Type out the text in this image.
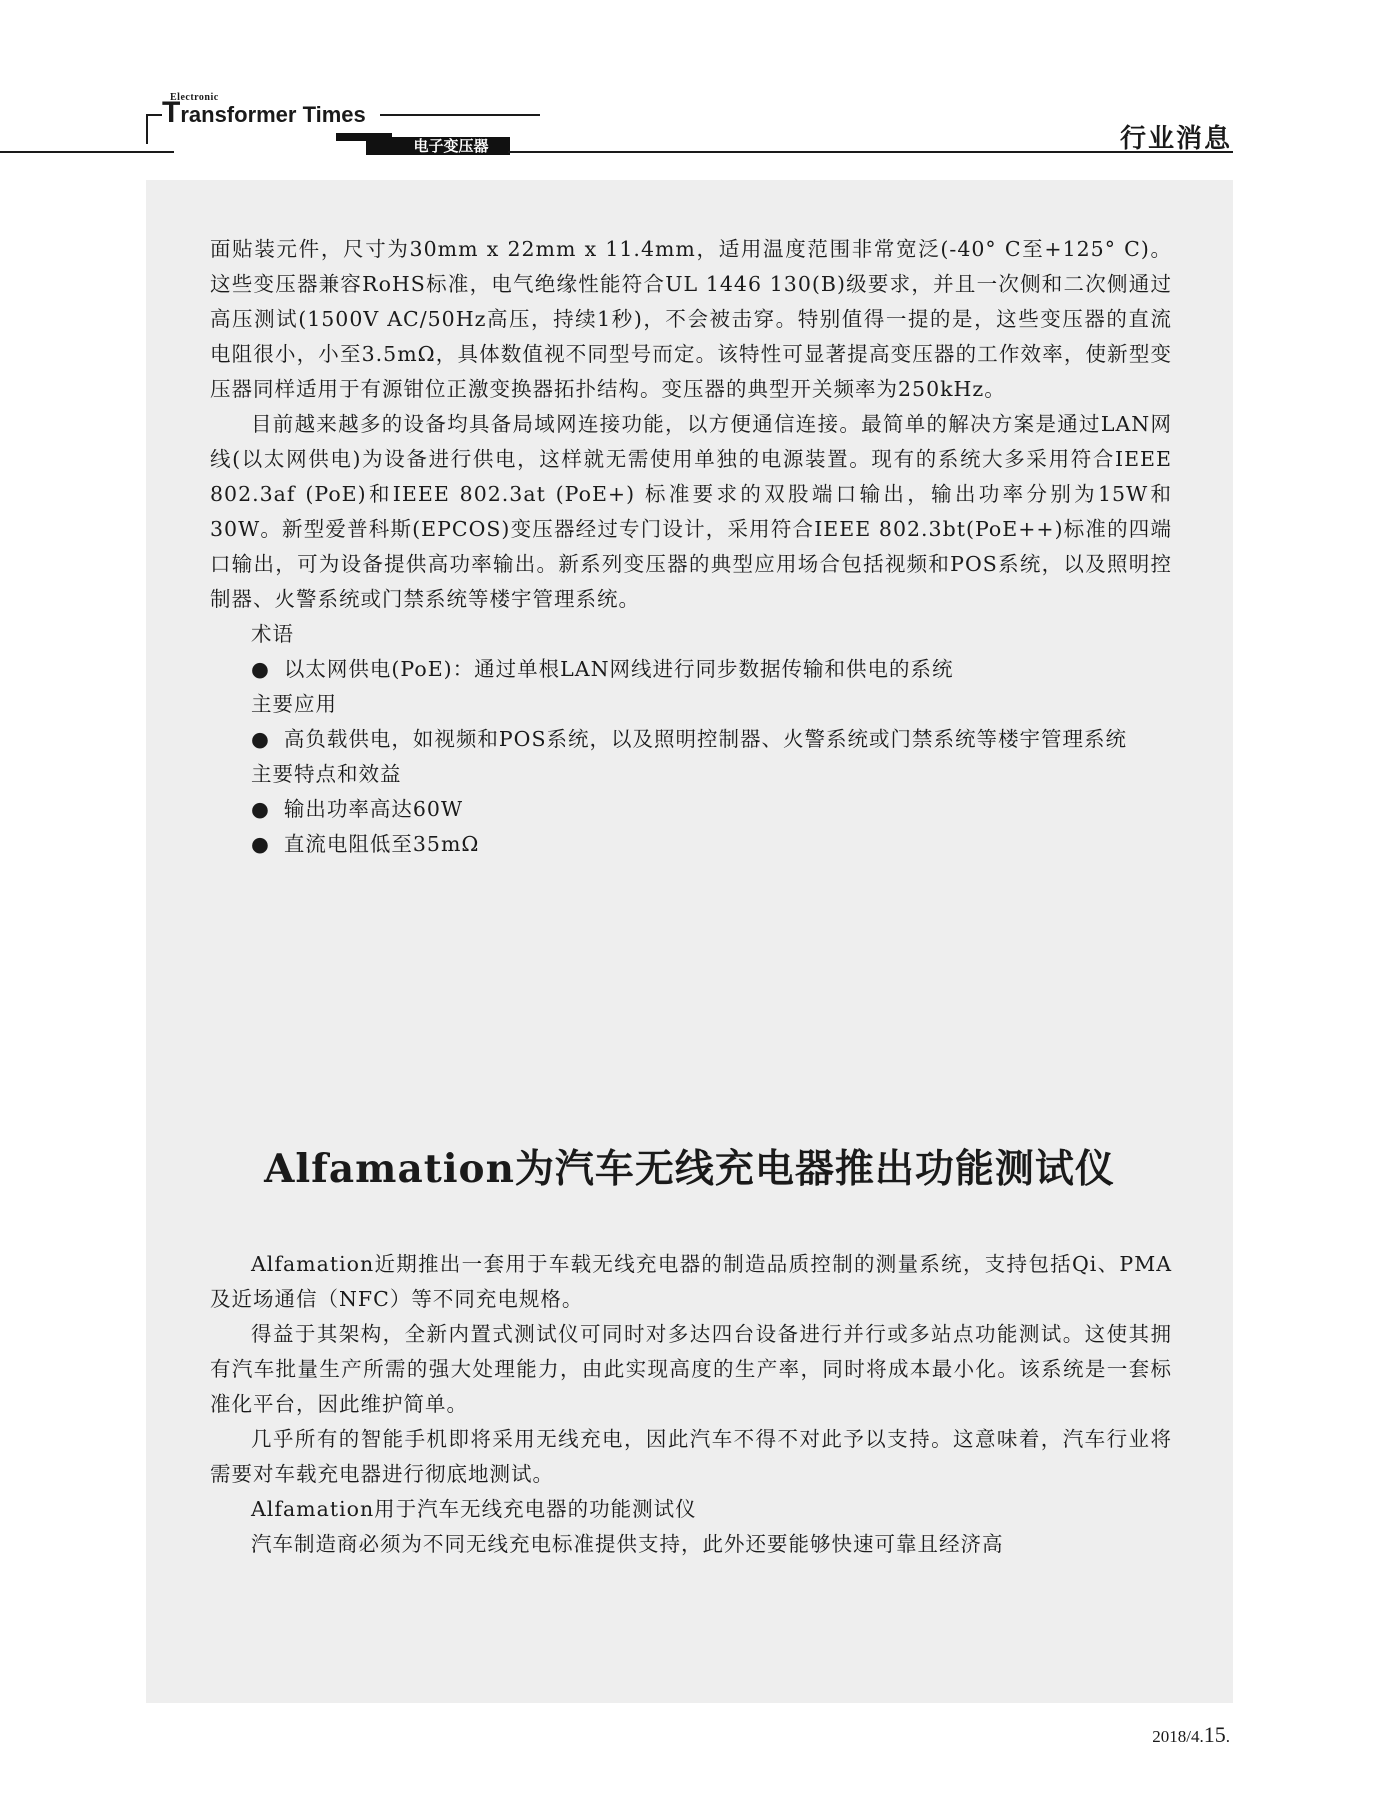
Electronic
Transformer Times
电子变压器	行业消息

面贴装元件，尺寸为30mm x 22mm x 11.4mm，适用温度范围非常宽泛(-40° C至+125° C)。这些变压器兼容RoHS标准，电气绝缘性能符合UL 1446 130(B)级要求，并且一次侧和二次侧通过高压测试(1500V AC/50Hz高压，持续1秒)，不会被击穿。特别值得一提的是，这些变压器的直流电阻很小，小至3.5mΩ，具体数值视不同型号而定。该特性可显著提高变压器的工作效率，使新型变压器同样适用于有源钳位正激变换器拓扑结构。变压器的典型开关频率为250kHz。

目前越来越多的设备均具备局域网连接功能，以方便通信连接。最简单的解决方案是通过LAN网线(以太网供电)为设备进行供电，这样就无需使用单独的电源装置。现有的系统大多采用符合IEEE 802.3af (PoE)和IEEE 802.3at (PoE+) 标准要求的双股端口输出，输出功率分别为15W和30W。新型爱普科斯(EPCOS)变压器经过专门设计，采用符合IEEE 802.3bt(PoE++)标准的四端口输出，可为设备提供高功率输出。新系列变压器的典型应用场合包括视频和POS系统，以及照明控制器、火警系统或门禁系统等楼宇管理系统。

术语

● 以太网供电(PoE)：通过单根LAN网线进行同步数据传输和供电的系统

主要应用

● 高负载供电，如视频和POS系统，以及照明控制器、火警系统或门禁系统等楼宇管理系统

主要特点和效益

● 输出功率高达60W

● 直流电阻低至35mΩ

Alfamation为汽车无线充电器推出功能测试仪

Alfamation近期推出一套用于车载无线充电器的制造品质控制的测量系统，支持包括Qi、PMA及近场通信（NFC）等不同充电规格。

得益于其架构，全新内置式测试仪可同时对多达四台设备进行并行或多站点功能测试。这使其拥有汽车批量生产所需的强大处理能力，由此实现高度的生产率，同时将成本最小化。该系统是一套标准化平台，因此维护简单。

几乎所有的智能手机即将采用无线充电，因此汽车不得不对此予以支持。这意味着，汽车行业将需要对车载充电器进行彻底地测试。

Alfamation用于汽车无线充电器的功能测试仪

汽车制造商必须为不同无线充电标准提供支持，此外还要能够快速可靠且经济高

2018/4.15.
